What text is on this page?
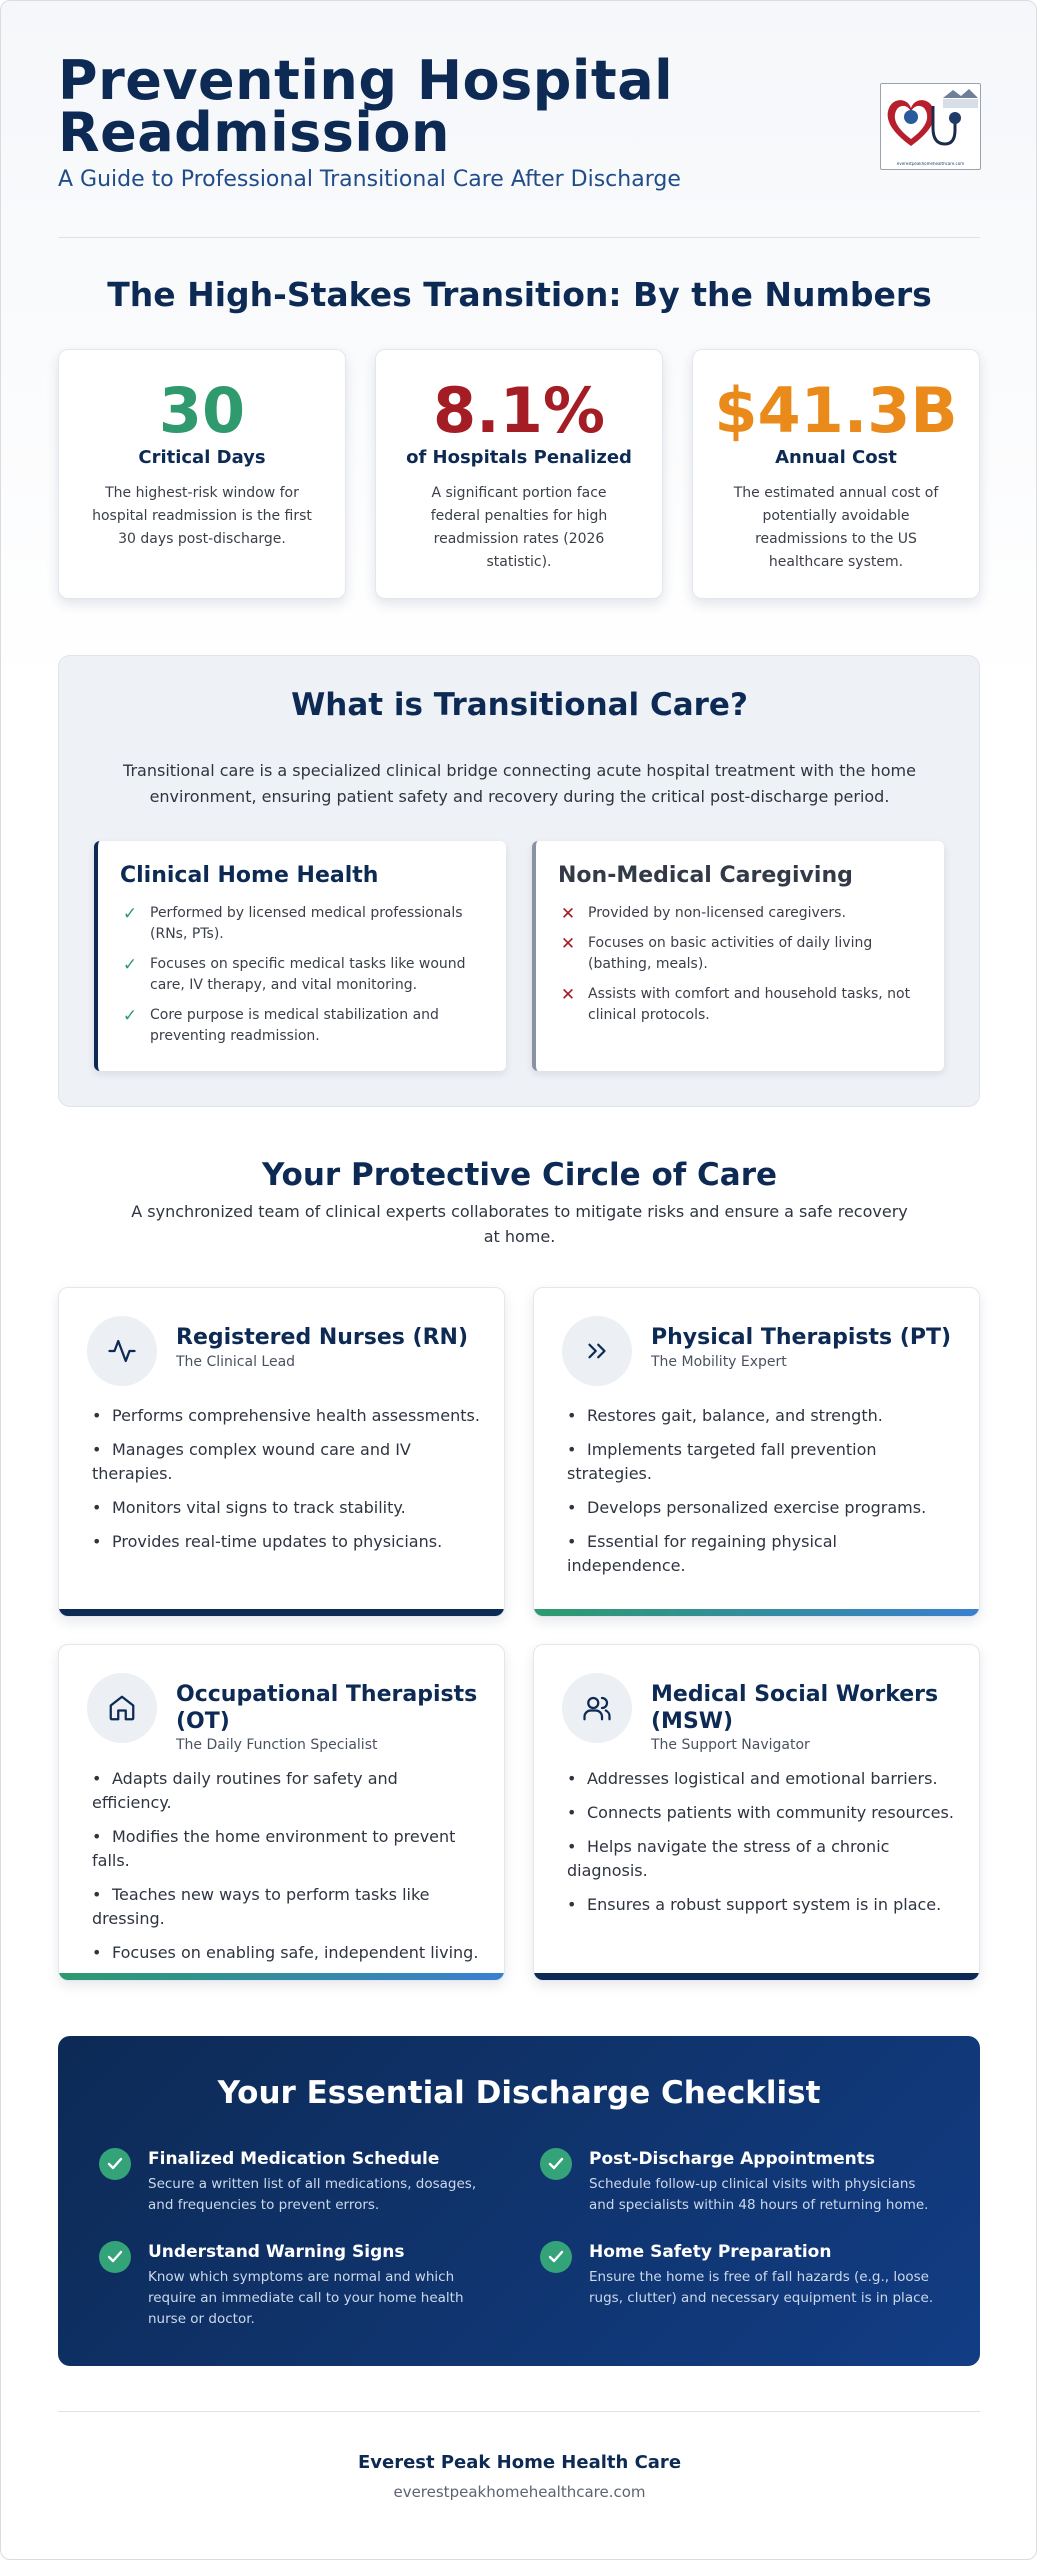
Preventing Hospital Readmission
A Guide to Professional Transitional Care After Discharge
everestpeakhomehealthcare.com
The High-Stakes Transition: By the Numbers
30
Critical Days
The highest-risk window for hospital readmission is the first 30 days post-discharge.
8.1%
of Hospitals Penalized
A significant portion face federal penalties for high readmission rates (2026 statistic).
$41.3B
Annual Cost
The estimated annual cost of potentially avoidable readmissions to the US healthcare system.
What is Transitional Care?
Transitional care is a specialized clinical bridge connecting acute hospital treatment with the home environment, ensuring patient safety and recovery during the critical post-discharge period.
Clinical Home Health
✓ Performed by licensed medical professionals (RNs, PTs).
✓ Focuses on specific medical tasks like wound care, IV therapy, and vital monitoring.
✓ Core purpose is medical stabilization and preventing readmission.
Non-Medical Caregiving
✕ Provided by non-licensed caregivers.
✕ Focuses on basic activities of daily living (bathing, meals).
✕ Assists with comfort and household tasks, not clinical protocols.
Your Protective Circle of Care
A synchronized team of clinical experts collaborates to mitigate risks and ensure a safe recovery at home.
Registered Nurses (RN)
The Clinical Lead
• Performs comprehensive health assessments.
• Manages complex wound care and IV therapies.
• Monitors vital signs to track stability.
• Provides real-time updates to physicians.
Physical Therapists (PT)
The Mobility Expert
• Restores gait, balance, and strength.
• Implements targeted fall prevention strategies.
• Develops personalized exercise programs.
• Essential for regaining physical independence.
Occupational Therapists (OT)
The Daily Function Specialist
• Adapts daily routines for safety and efficiency.
• Modifies the home environment to prevent falls.
• Teaches new ways to perform tasks like dressing.
• Focuses on enabling safe, independent living.
Medical Social Workers (MSW)
The Support Navigator
• Addresses logistical and emotional barriers.
• Connects patients with community resources.
• Helps navigate the stress of a chronic diagnosis.
• Ensures a robust support system is in place.
Your Essential Discharge Checklist
Finalized Medication Schedule
Secure a written list of all medications, dosages, and frequencies to prevent errors.
Post-Discharge Appointments
Schedule follow-up clinical visits with physicians and specialists within 48 hours of returning home.
Understand Warning Signs
Know which symptoms are normal and which require an immediate call to your home health nurse or doctor.
Home Safety Preparation
Ensure the home is free of fall hazards (e.g., loose rugs, clutter) and necessary equipment is in place.
Everest Peak Home Health Care
everestpeakhomehealthcare.com
